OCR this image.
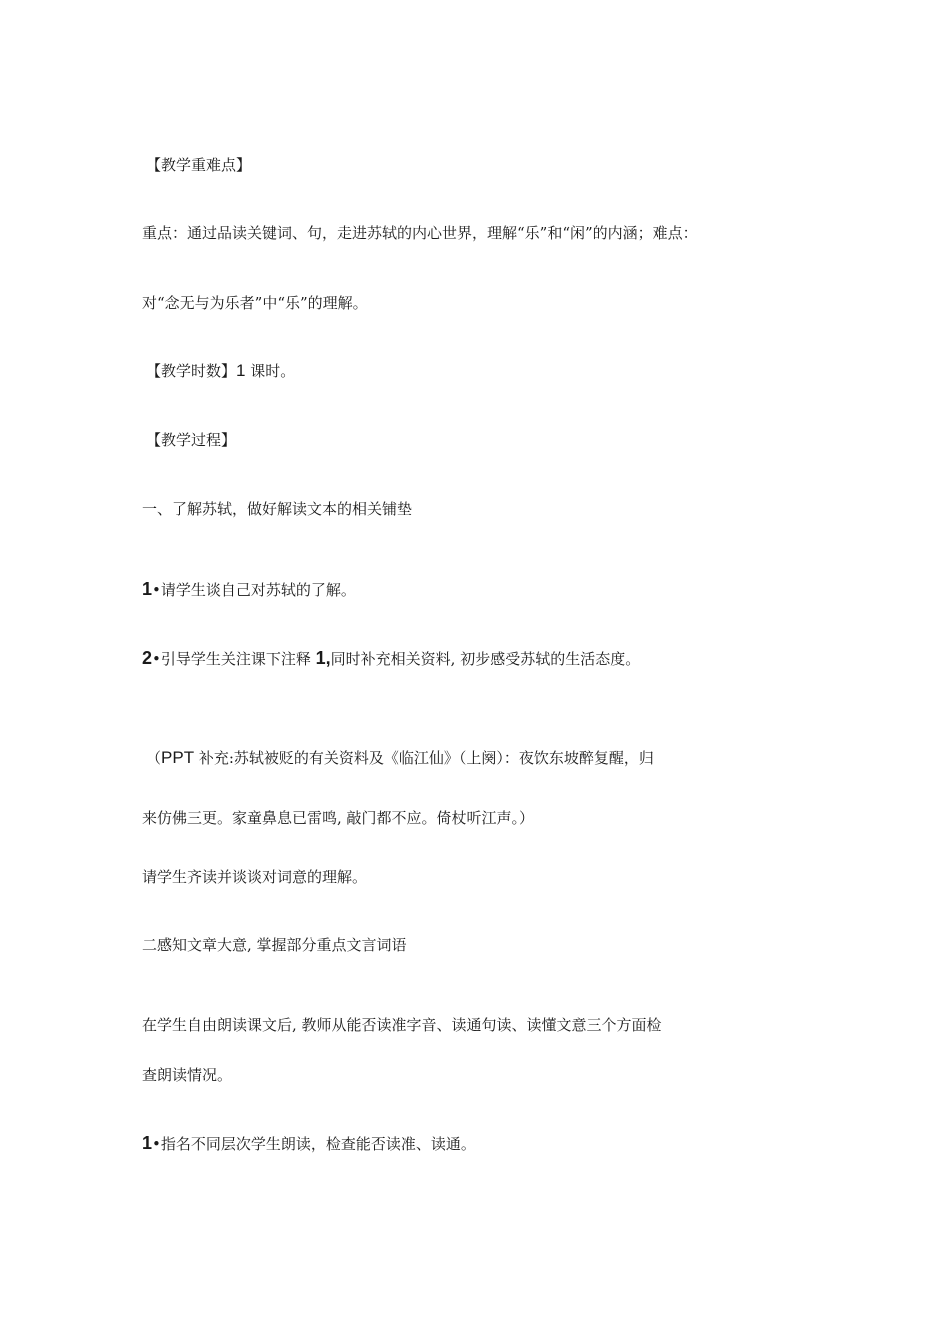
【教学重难点】
重点：通过品读关键词、句，走进苏轼的内心世界，理解“乐”和“闲”的内涵；难点：
对“念无与为乐者”中“乐”的理解。
【教学时数】1 课时。
【教学过程】
一、了解苏轼，做好解读文本的相关铺垫
1•请学生谈自己对苏轼的了解。
2•引导学生关注课下注释 1,同时补充相关资料, 初步感受苏轼的生活态度。
（PPT 补充:苏轼被贬的有关资料及《临江仙》（上阕）：夜饮东坡醉复醒，归
来仿佛三更。家童鼻息已雷鸣, 敲门都不应。倚杖听江声。）
请学生齐读并谈谈对词意的理解。
二感知文章大意, 掌握部分重点文言词语
在学生自由朗读课文后, 教师从能否读准字音、读通句读、读懂文意三个方面检
查朗读情况。
1•指名不同层次学生朗读，检查能否读准、读通。
